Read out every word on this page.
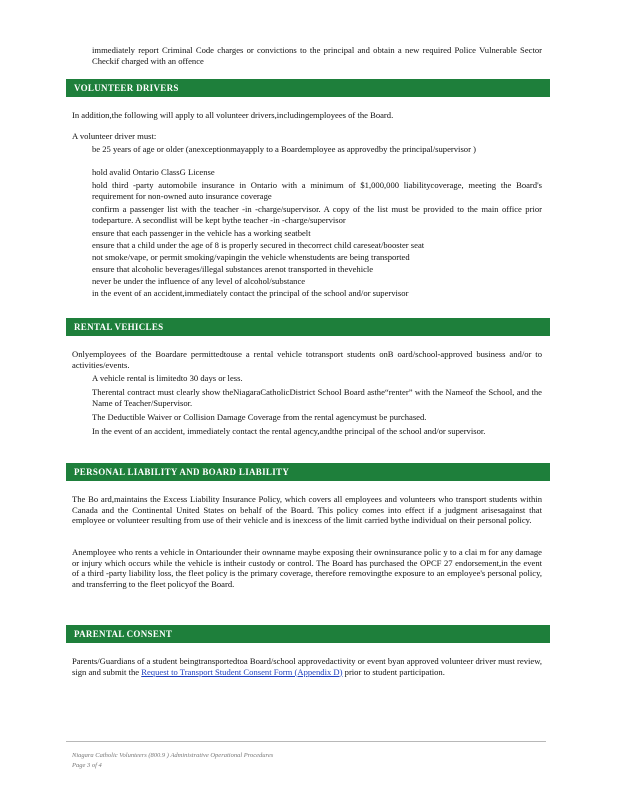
immediately report Criminal Code charges or convictions to the principal and obtain a new required Police Vulnerable Sector Checkif charged with an offence
VOLUNTEER DRIVERS
In addition,the following will apply to all volunteer drivers,includingemployees of the Board.
A volunteer driver must:
be 25 years of age or older (anexceptionmayapply to a Boardemployee as approvedby the principal/supervisor )
hold avalid Ontario ClassG License
hold third -party automobile insurance in Ontario with a minimum of $1,000,000 liabilitycoverage, meeting the Board's requirement for non-owned auto insurance coverage
confirm a passenger list with the teacher -in -charge/supervisor. A copy of the list must be provided to the main office prior todeparture. A secondlist will be kept bythe teacher -in -charge/supervisor
ensure that each passenger in the vehicle has a working seatbelt
ensure that a child under the age of 8 is properly secured in thecorrect child careseat/booster seat
not smoke/vape, or permit smoking/vapingin the vehicle whenstudents are being transported
ensure that alcoholic beverages/illegal substances arenot transported in thevehicle
never be under the influence of any level of alcohol/substance
in the event of an accident,immediately contact the principal of the school and/or supervisor
RENTAL VEHICLES
Onlyemployees of the Boardare permittedtouse a rental vehicle totransport students onB oard/school-approved business and/or to activities/events.
A vehicle rental is limitedto 30 days or less.
Therental contract must clearly show theNiagaraCatholicDistrict School Board asthe“renter” with the Nameof the School, and the Name of Teacher/Supervisor.
The Deductible Waiver or Collision Damage Coverage from the rental agencymust be purchased.
In the event of an accident, immediately contact the rental agency,andthe principal of the school and/or supervisor.
PERSONAL LIABILITY AND BOARD LIABILITY
The Bo ard,maintains the Excess Liability Insurance Policy, which covers all employees and volunteers who transport students within Canada and the Continental United States on behalf of the Board. This policy comes into effect if a judgment arisesagainst that employee or volunteer resulting from use of their vehicle and is inexcess of the limit carried bythe individual on their personal policy.
Anemployee who rents a vehicle in Ontariounder their ownname maybe exposing their owninsurance polic y to a clai m for any damage or injury which occurs while the vehicle is intheir custody or control. The Board has purchased the OPCF 27 endorsement,in the event of a third -party liability loss, the fleet policy is the primary coverage, therefore removingthe exposure to an employee's personal policy, and transferring to the fleet policyof the Board.
PARENTAL CONSENT
Parents/Guardians of a student beingtransportedtoa Board/school approvedactivity or event byan approved volunteer driver must review, sign and submit the Request to Transport Student Consent Form (Appendix D) prior to student participation.
Niagara Catholic Volunteers (800.9 ) Administrative Operational Procedures
Page 3 of 4
